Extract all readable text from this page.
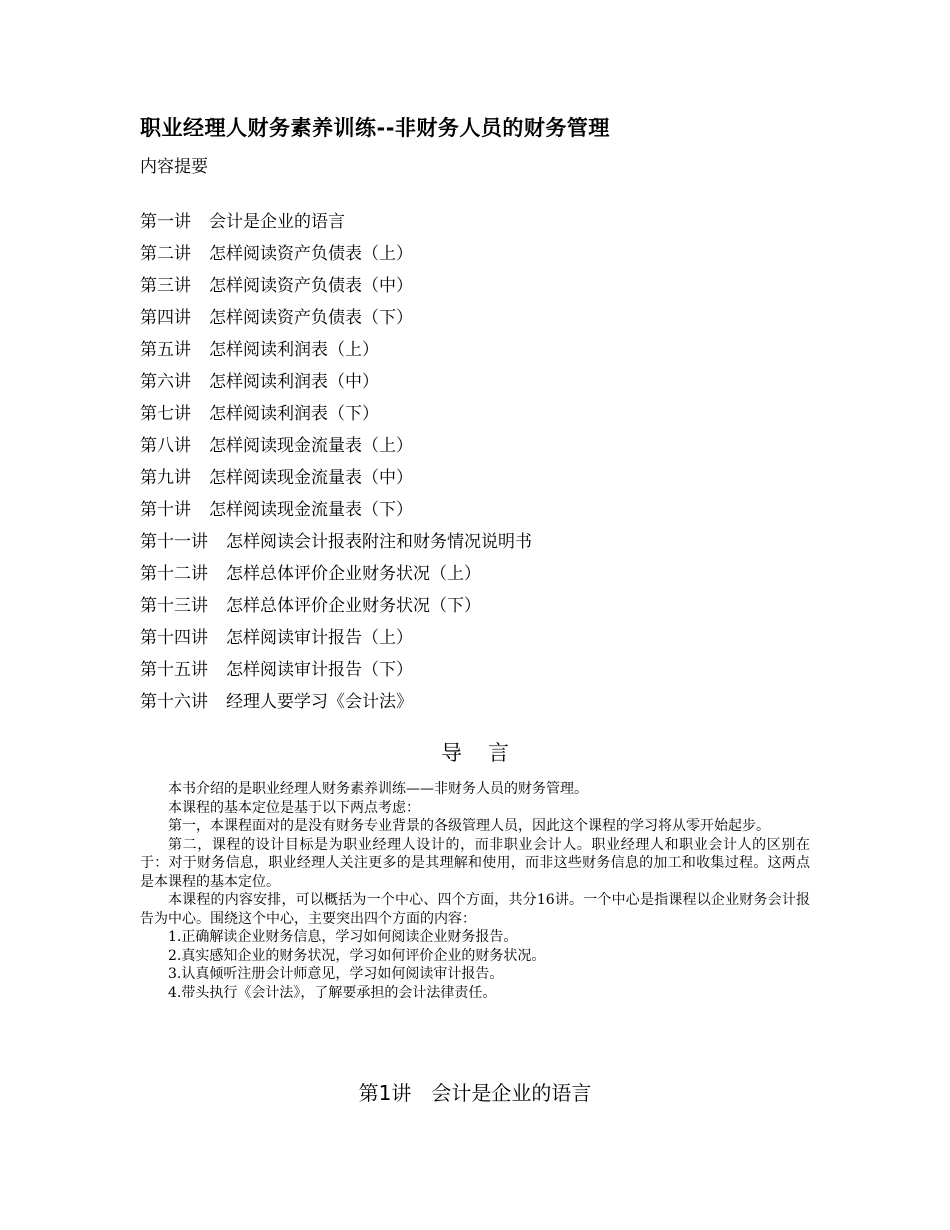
职业经理人财务素养训练--非财务人员的财务管理
内容提要
第一讲 会计是企业的语言
第二讲 怎样阅读资产负债表（上）
第三讲 怎样阅读资产负债表（中）
第四讲 怎样阅读资产负债表（下）
第五讲 怎样阅读利润表（上）
第六讲 怎样阅读利润表（中）
第七讲 怎样阅读利润表（下）
第八讲 怎样阅读现金流量表（上）
第九讲 怎样阅读现金流量表（中）
第十讲 怎样阅读现金流量表（下）
第十一讲 怎样阅读会计报表附注和财务情况说明书
第十二讲 怎样总体评价企业财务状况（上）
第十三讲 怎样总体评价企业财务状况（下）
第十四讲 怎样阅读审计报告（上）
第十五讲 怎样阅读审计报告（下）
第十六讲 经理人要学习《会计法》
导言

本书介绍的是职业经理人财务素养训练——非财务人员的财务管理。

本课程的基本定位是基于以下两点考虑：

第一，本课程面对的是没有财务专业背景的各级管理人员，因此这个课程的学习将从零开始起步。

第二，课程的设计目标是为职业经理人设计的，而非职业会计人。职业经理人和职业会计人的区别在于：对于财务信息，职业经理人关注更多的是其理解和使用，而非这些财务信息的加工和收集过程。这两点是本课程的基本定位。

本课程的内容安排，可以概括为一个中心、四个方面，共分16讲。一个中心是指课程以企业财务会计报告为中心。围绕这个中心，主要突出四个方面的内容：

1.正确解读企业财务信息，学习如何阅读企业财务报告。

2.真实感知企业的财务状况，学习如何评价企业的财务状况。

3.认真倾听注册会计师意见，学习如何阅读审计报告。

4.带头执行《会计法》，了解要承担的会计法律责任。

第1讲　会计是企业的语言
